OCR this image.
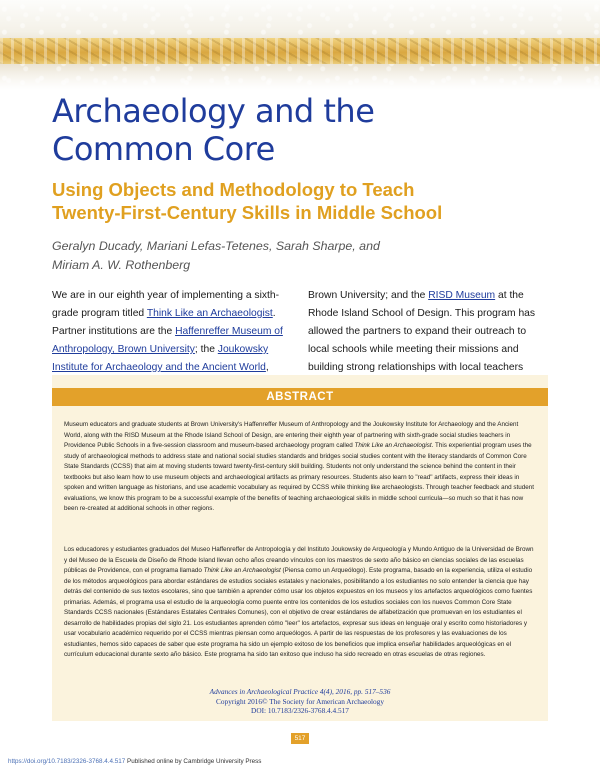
Archaeology and the
Common Core
Using Objects and Methodology to Teach
Twenty-First-Century Skills in Middle School

Geralyn Ducady, Mariani Lefas-Tetenes, Sarah Sharpe, and
Miriam A. W. Rothenberg

We are in our eighth year of implementing a sixth-grade program titled Think Like an Archaeologist. Partner institutions are the Haffenreffer Museum of Anthropology, Brown University; the Joukowsky Institute for Archaeology and the Ancient World,

Brown University; and the RISD Museum at the Rhode Island School of Design. This program has allowed the partners to expand their outreach to local schools while meeting their missions and building strong relationships with local teachers

ABSTRACT

Museum educators and graduate students at Brown University's Haffenreffer Museum of Anthropology and the Joukowsky Institute for Archaeology and the Ancient World, along with the RISD Museum at the Rhode Island School of Design, are entering their eighth year of partnering with sixth-grade social studies teachers in Providence Public Schools in a five-session classroom and museum-based archaeology program called Think Like an Archaeologist. This experiential program uses the study of archaeological methods to address state and national social studies standards and bridges social studies content with the literacy standards of Common Core State Standards (CCSS) that aim at moving students toward twenty-first-century skill building. Students not only understand the science behind the content in their textbooks but also learn how to use museum objects and archaeological artifacts as primary resources. Students also learn to "read" artifacts, express their ideas in spoken and written language as historians, and use academic vocabulary as required by CCSS while thinking like archaeologists. Through teacher feedback and student evaluations, we know this program to be a successful example of the benefits of teaching archaeological skills in middle school curricula—so much so that it has now been re-created at additional schools in other regions.

Los educadores y estudiantes graduados del Museo Haffenreffer de Antropología y del Instituto Joukowsky de Arqueología y Mundo Antiguo de la Universidad de Brown y del Museo de la Escuela de Diseño de Rhode Island llevan ocho años creando vínculos con los maestros de sexto año básico en ciencias sociales de las escuelas públicas de Providence, con el programa llamado Think Like an Archaeologist (Piensa como un Arqueólogo). Este programa, basado en la experiencia, utiliza el estudio de los métodos arqueológicos para abordar estándares de estudios sociales estatales y nacionales, posibilitando a los estudiantes no solo entender la ciencia que hay detrás del contenido de sus textos escolares, sino que también a aprender cómo usar los objetos expuestos en los museos y los artefactos arqueológicos como fuentes primarias. Además, el programa usa el estudio de la arqueología como puente entre los contenidos de los estudios sociales con los nuevos Common Core State Standards CCSS nacionales (Estándares Estatales Centrales Comunes), con el objetivo de crear estándares de alfabetización que promuevan en los estudiantes el desarrollo de habilidades propias del siglo 21. Los estudiantes aprenden cómo "leer" los artefactos, expresar sus ideas en lenguaje oral y escrito como historiadores y usar vocabulario académico requerido por el CCSS mientras piensan como arqueólogos. A partir de las respuestas de los profesores y las evaluaciones de los estudiantes, hemos sido capaces de saber que este programa ha sido un ejemplo exitoso de los beneficios que implica enseñar habilidades arqueológicas en el currículum educacional durante sexto año básico. Este programa ha sido tan exitoso que incluso ha sido recreado en otras escuelas de otras regiones.

Advances in Archaeological Practice 4(4), 2016, pp. 517–536
Copyright 2016© The Society for American Archaeology
DOI: 10.7183/2326-3768.4.4.517
517
https://doi.org/10.7183/2326-3768.4.4.517 Published online by Cambridge University Press
